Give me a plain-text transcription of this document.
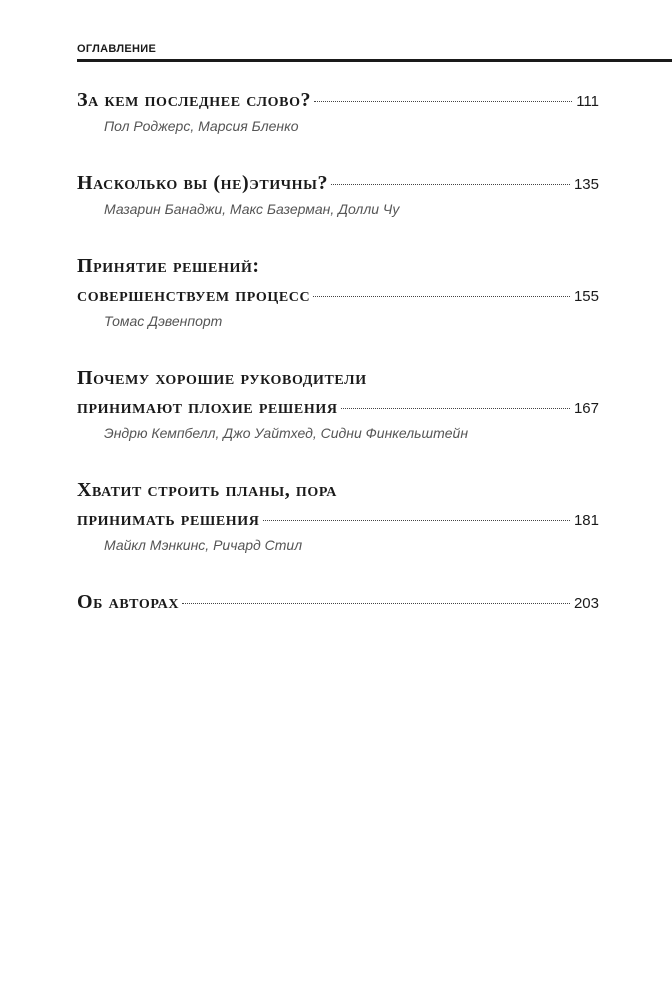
ОГЛАВЛЕНИЕ
За кем последнее слово?	111
Пол Роджерс, Марсия Бленко
Насколько вы (не)этичны?	135
Мазарин Банаджи, Макс Базерман, Долли Чу
Принятие решений:
совершенствуем процесс	155
Томас Дэвенпорт
Почему хорошие руководители
принимают плохие решения	167
Эндрю Кемпбелл, Джо Уайтхед, Сидни Финкельштейн
Хватит строить планы, пора
принимать решения	181
Майкл Мэнкинс, Ричард Стил
Об авторах	203
